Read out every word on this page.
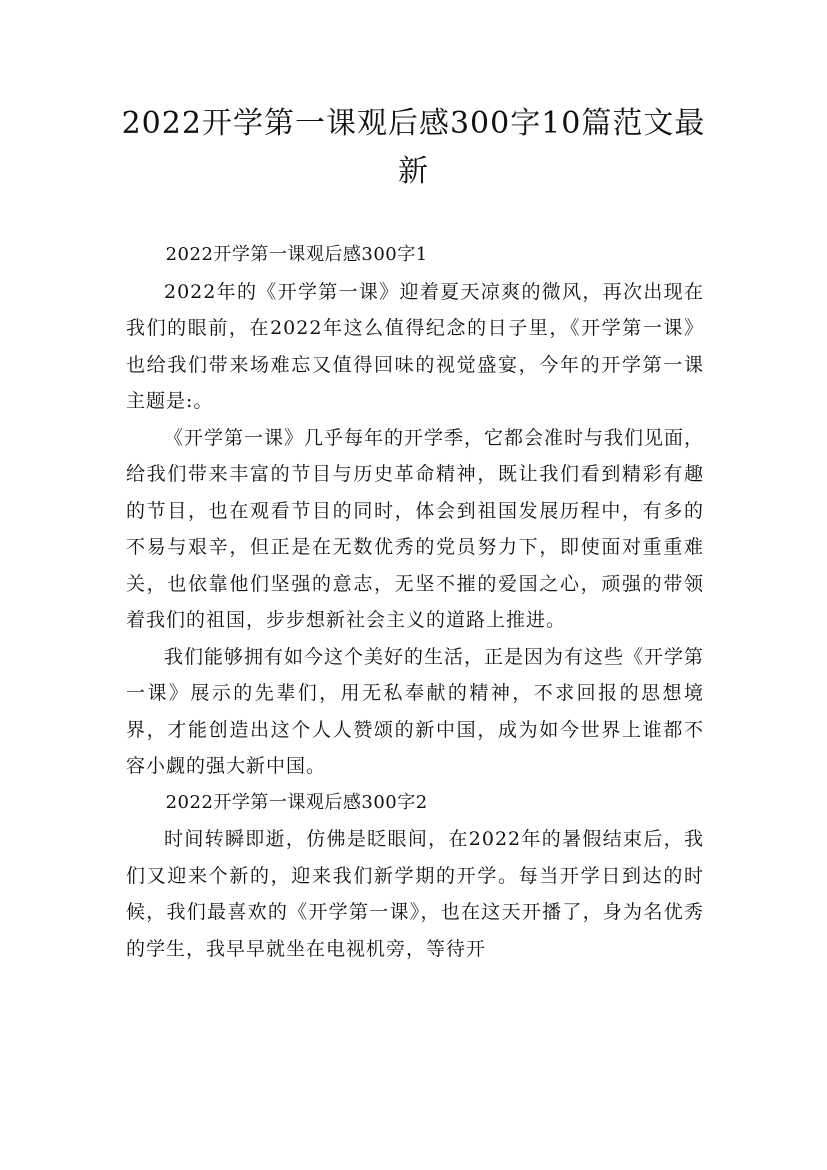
2022开学第一课观后感300字10篇范文最新

2022开学第一课观后感300字1

2022年的《开学第一课》迎着夏天凉爽的微风，再次出现在我们的眼前，在2022年这么值得纪念的日子里，《开学第一课》也给我们带来场难忘又值得回味的视觉盛宴，今年的开学第一课主题是:。

《开学第一课》几乎每年的开学季，它都会准时与我们见面，给我们带来丰富的节目与历史革命精神，既让我们看到精彩有趣的节目，也在观看节目的同时，体会到祖国发展历程中，有多的不易与艰辛，但正是在无数优秀的党员努力下，即使面对重重难关，也依靠他们坚强的意志，无坚不摧的爱国之心，顽强的带领着我们的祖国，步步想新社会主义的道路上推进。

我们能够拥有如今这个美好的生活，正是因为有这些《开学第一课》展示的先辈们，用无私奉献的精神，不求回报的思想境界，才能创造出这个人人赞颂的新中国，成为如今世界上谁都不容小觑的强大新中国。

2022开学第一课观后感300字2

时间转瞬即逝，仿佛是眨眼间，在2022年的暑假结束后，我们又迎来个新的，迎来我们新学期的开学。每当开学日到达的时候，我们最喜欢的《开学第一课》，也在这天开播了，身为名优秀的学生，我早早就坐在电视机旁，等待开
